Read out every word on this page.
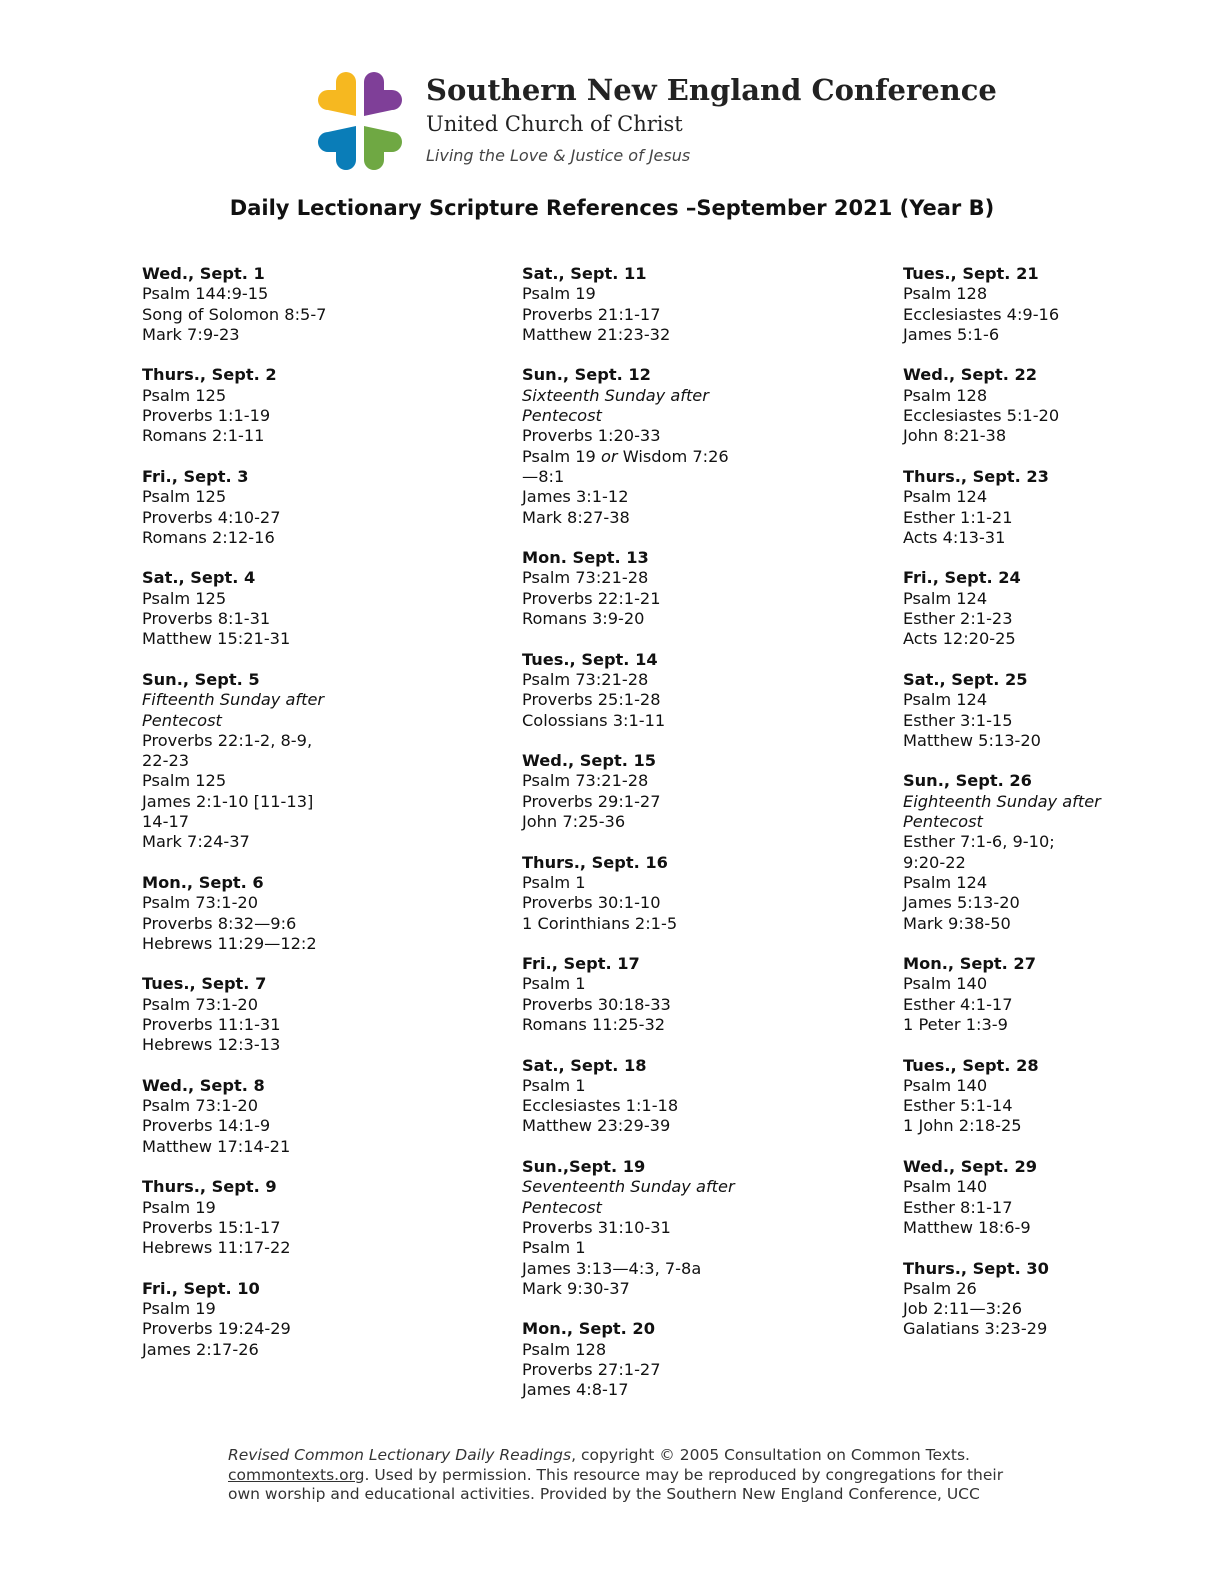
Southern New England Conference
United Church of Christ
Living the Love & Justice of Jesus
Daily Lectionary Scripture References –September 2021 (Year B)
Wed., Sept. 1
Psalm 144:9-15
Song of Solomon 8:5-7
Mark 7:9-23
Thurs., Sept. 2
Psalm 125
Proverbs 1:1-19
Romans 2:1-11
Fri., Sept. 3
Psalm 125
Proverbs 4:10-27
Romans 2:12-16
Sat., Sept. 4
Psalm 125
Proverbs 8:1-31
Matthew 15:21-31
Sun., Sept. 5
Fifteenth Sunday after
Pentecost
Proverbs 22:1-2, 8-9,
22-23
Psalm 125
James 2:1-10 [11-13]
14-17
Mark 7:24-37
Mon., Sept. 6
Psalm 73:1-20
Proverbs 8:32—9:6
Hebrews 11:29—12:2
Tues., Sept. 7
Psalm 73:1-20
Proverbs 11:1-31
Hebrews 12:3-13
Wed., Sept. 8
Psalm 73:1-20
Proverbs 14:1-9
Matthew 17:14-21
Thurs., Sept. 9
Psalm 19
Proverbs 15:1-17
Hebrews 11:17-22
Fri., Sept. 10
Psalm 19
Proverbs 19:24-29
James 2:17-26
Sat., Sept. 11
Psalm 19
Proverbs 21:1-17
Matthew 21:23-32
Sun., Sept. 12
Sixteenth Sunday after
Pentecost
Proverbs 1:20-33
Psalm 19 or Wisdom 7:26
—8:1
James 3:1-12
Mark 8:27-38
Mon. Sept. 13
Psalm 73:21-28
Proverbs 22:1-21
Romans 3:9-20
Tues., Sept. 14
Psalm 73:21-28
Proverbs 25:1-28
Colossians 3:1-11
Wed., Sept. 15
Psalm 73:21-28
Proverbs 29:1-27
John 7:25-36
Thurs., Sept. 16
Psalm 1
Proverbs 30:1-10
1 Corinthians 2:1-5
Fri., Sept. 17
Psalm 1
Proverbs 30:18-33
Romans 11:25-32
Sat., Sept. 18
Psalm 1
Ecclesiastes 1:1-18
Matthew 23:29-39
Sun.,Sept. 19
Seventeenth Sunday after
Pentecost
Proverbs 31:10-31
Psalm 1
James 3:13—4:3, 7-8a
Mark 9:30-37
Mon., Sept. 20
Psalm 128
Proverbs 27:1-27
James 4:8-17
Tues., Sept. 21
Psalm 128
Ecclesiastes 4:9-16
James 5:1-6
Wed., Sept. 22
Psalm 128
Ecclesiastes 5:1-20
John 8:21-38
Thurs., Sept. 23
Psalm 124
Esther 1:1-21
Acts 4:13-31
Fri., Sept. 24
Psalm 124
Esther 2:1-23
Acts 12:20-25
Sat., Sept. 25
Psalm 124
Esther 3:1-15
Matthew 5:13-20
Sun., Sept. 26
Eighteenth Sunday after
Pentecost
Esther 7:1-6, 9-10;
9:20-22
Psalm 124
James 5:13-20
Mark 9:38-50
Mon., Sept. 27
Psalm 140
Esther 4:1-17
1 Peter 1:3-9
Tues., Sept. 28
Psalm 140
Esther 5:1-14
1 John 2:18-25
Wed., Sept. 29
Psalm 140
Esther 8:1-17
Matthew 18:6-9
Thurs., Sept. 30
Psalm 26
Job 2:11—3:26
Galatians 3:23-29
Revised Common Lectionary Daily Readings, copyright © 2005 Consultation on Common Texts.
commontexts.org. Used by permission. This resource may be reproduced by congregations for their
own worship and educational activities. Provided by the Southern New England Conference, UCC
